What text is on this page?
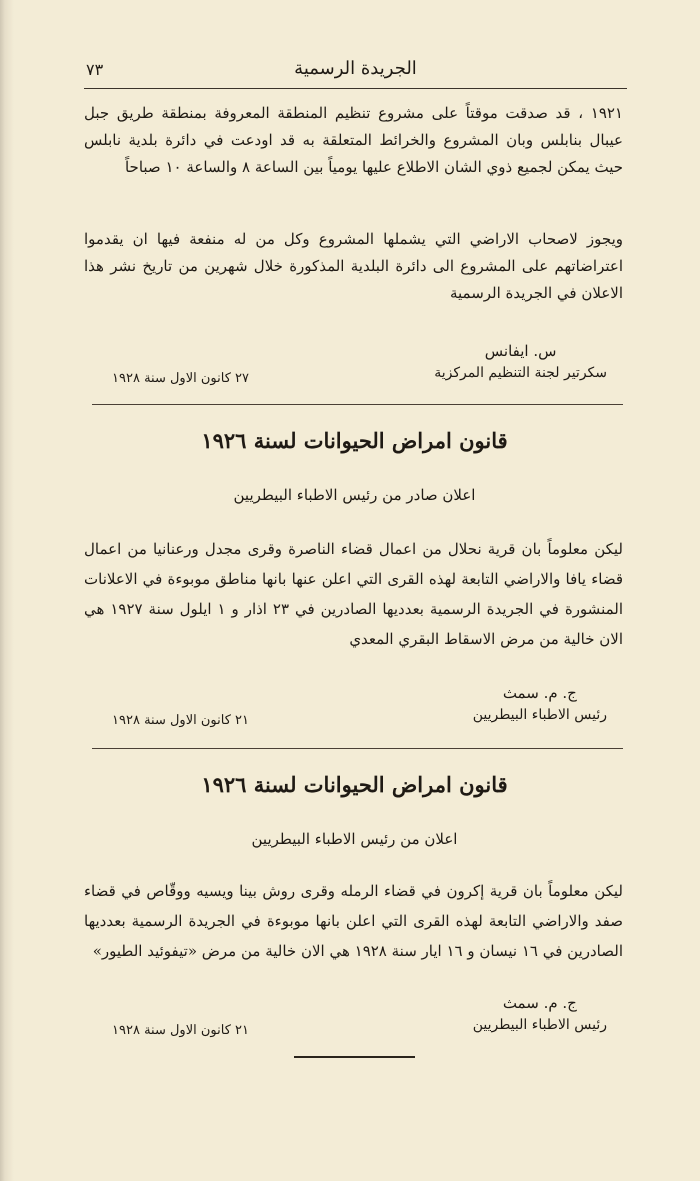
الجريدة الرسمية
٧٣
١٩٢١ ، قد صدقت موقتاً على مشروع تنظيم المنطقة المعروفة بمنطقة طريق جبل عيبال بنابلس وبان المشروع والخرائط المتعلقة به قد اودعت في دائرة بلدية نابلس حيث يمكن لجميع ذوي الشان الاطلاع عليها يومياً بين الساعة ٨ والساعة ١٠ صباحاً
ويجوز لاصحاب الاراضي التي يشملها المشروع وكل من له منفعة فيها ان يقدموا اعتراضاتهم على المشروع الى دائرة البلدية المذكورة خلال شهرين من تاريخ نشر هذا الاعلان في الجريدة الرسمية
س. ايفانس
سكرتير لجنة التنظيم المركزية
٢٧ كانون الاول سنة ١٩٢٨
قانون امراض الحيوانات لسنة ١٩٢٦
اعلان صادر من رئيس الاطباء البيطريين
ليكن معلوماً بان قرية نحلال من اعمال قضاء الناصرة وقرى مجدل ورعنانيا من اعمال قضاء يافا والاراضي التابعة لهذه القرى التي اعلن عنها بانها مناطق موبوءة في الاعلانات المنشورة في الجريدة الرسمية بعدديها الصادرين في ٢٣ اذار و ١ ايلول سنة ١٩٢٧ هي الان خالية من مرض الاسقاط البقري المعدي
ج. م. سمث
رئيس الاطباء البيطريين
٢١ كانون الاول سنة ١٩٢٨
قانون امراض الحيوانات لسنة ١٩٢٦
اعلان من رئيس الاطباء البيطريين
ليكن معلوماً بان قرية إكرون في قضاء الرمله وقرى روش بينا ويسيه ووقّاص في قضاء صفد والاراضي التابعة لهذه القرى التي اعلن بانها موبوءة في الجريدة الرسمية بعدديها الصادرين في ١٦ نيسان و ١٦ ايار سنة ١٩٢٨ هي الان خالية من مرض «تيفوئيد الطيور»
ج. م. سمث
رئيس الاطباء البيطريين
٢١ كانون الاول سنة ١٩٢٨
